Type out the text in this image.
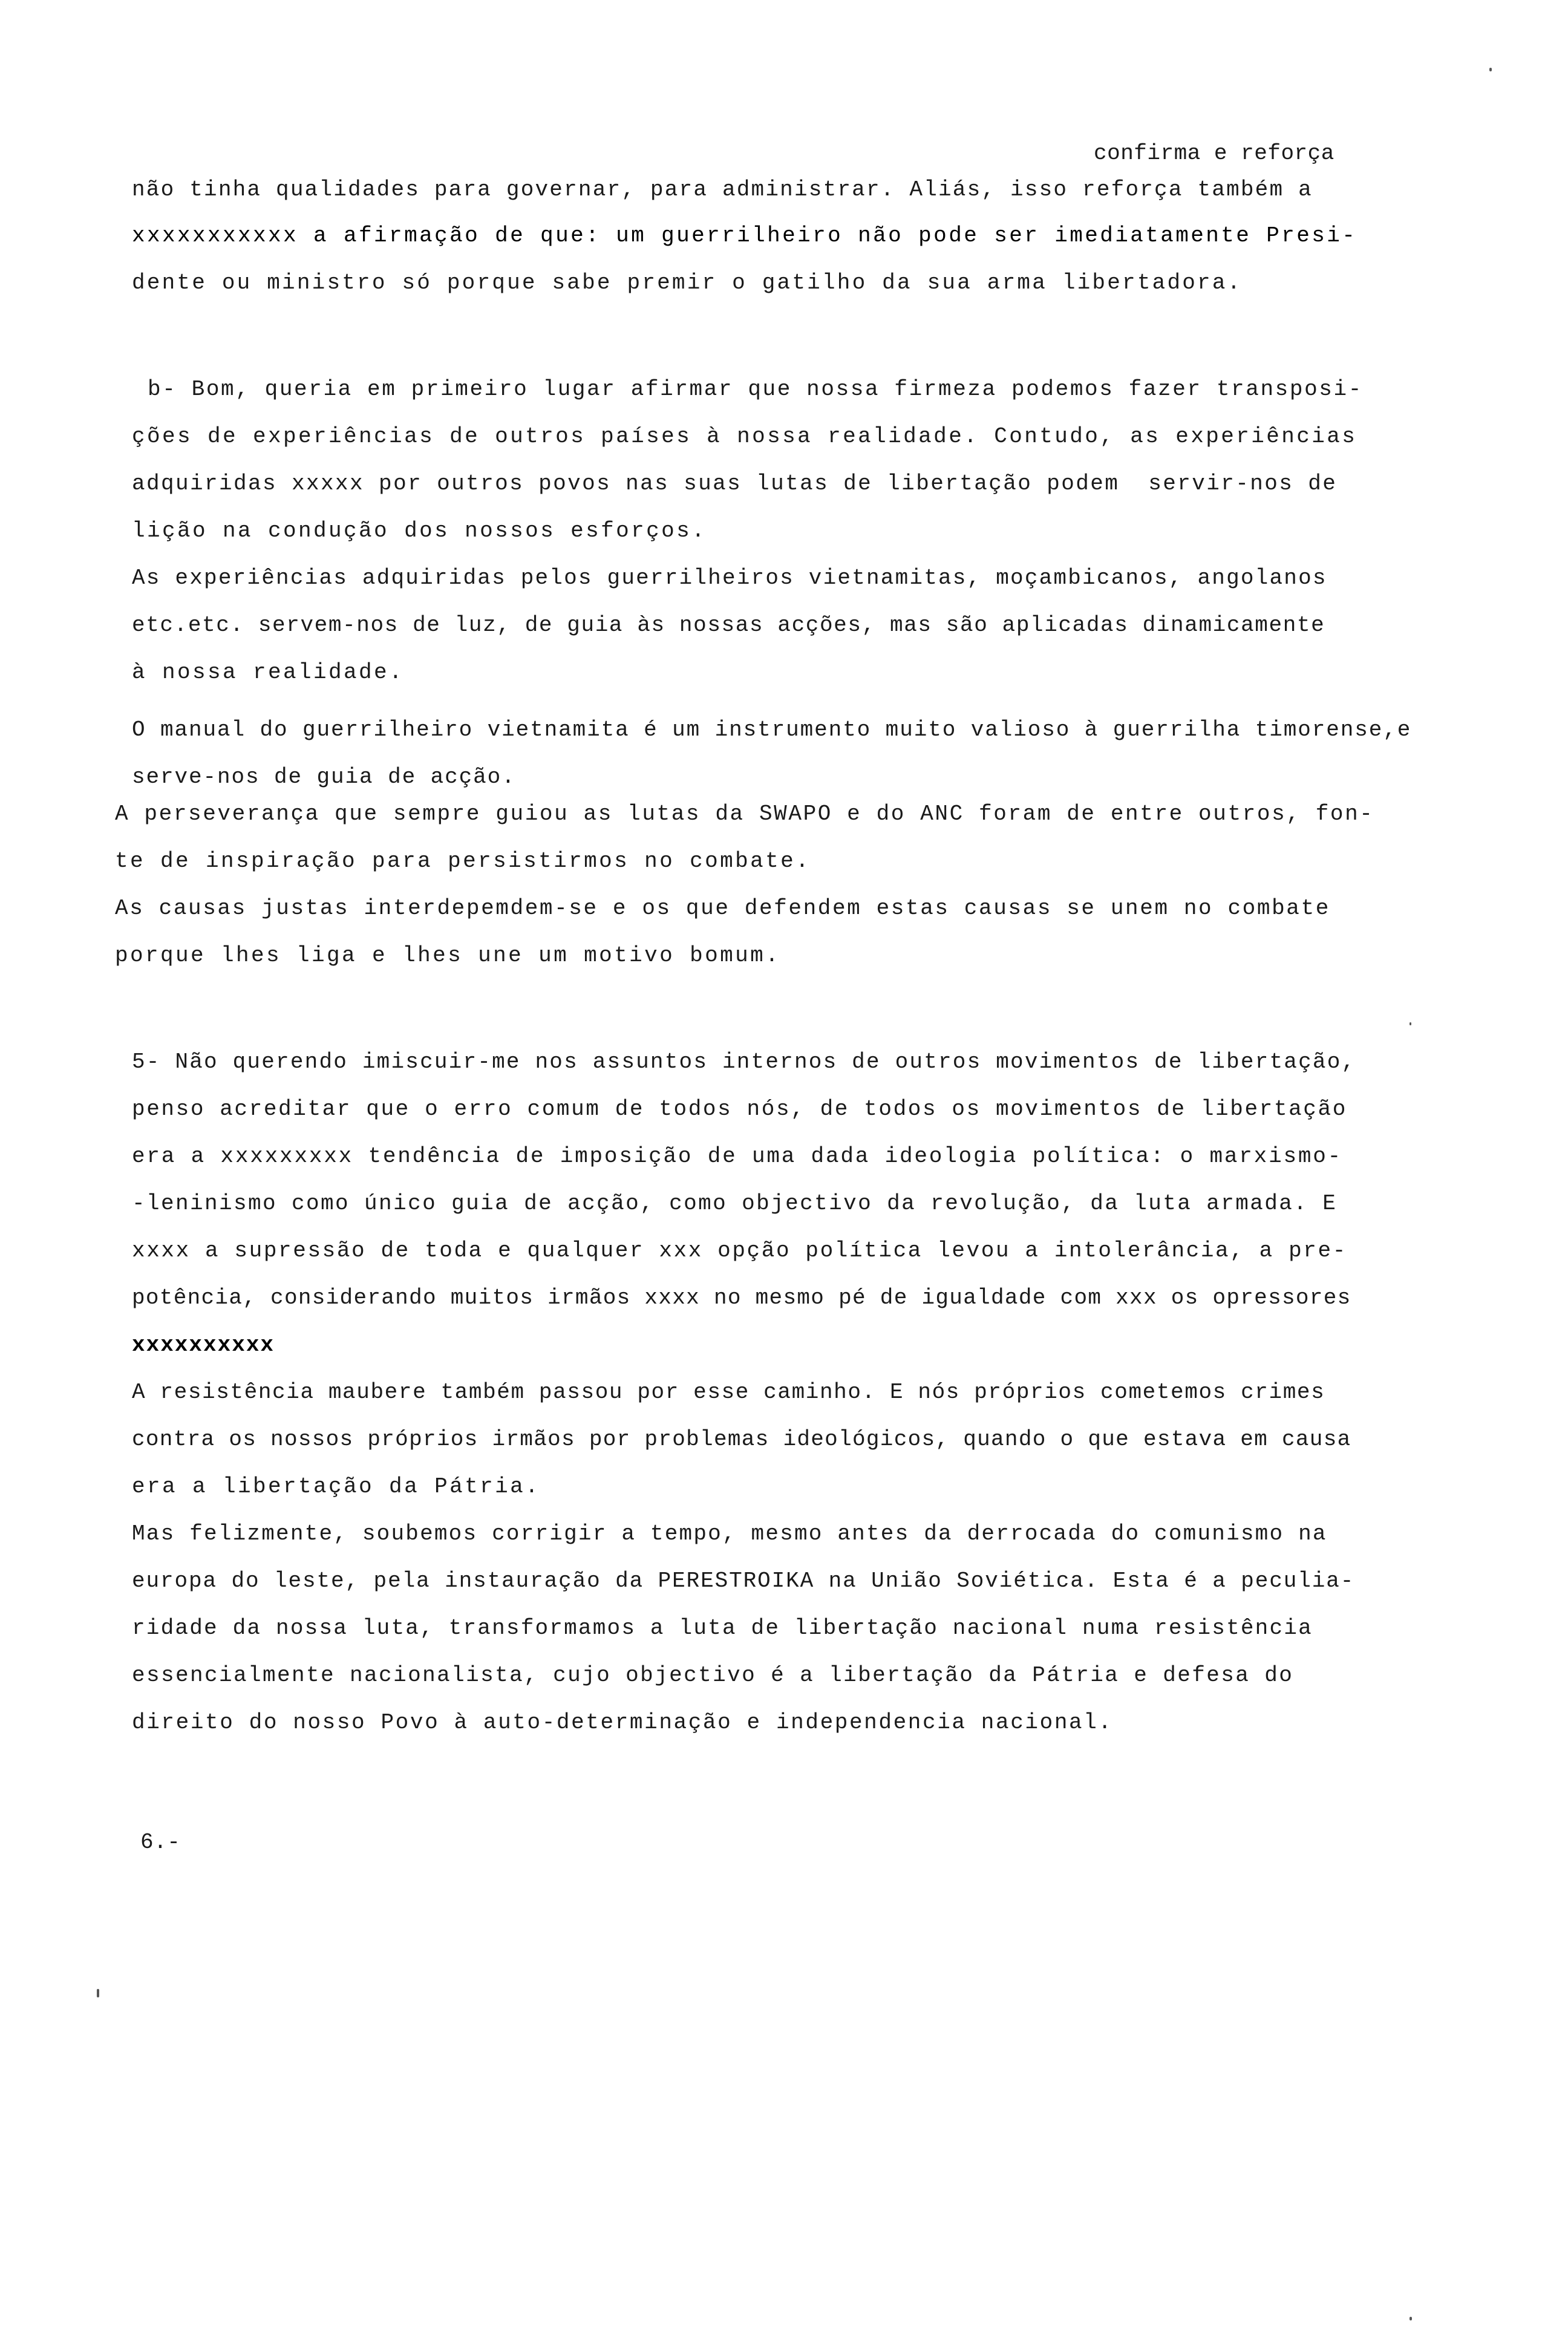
confirma e reforça
não tinha qualidades para governar, para administrar. Aliás, isso reforça também a
xxxxxxxxxxx a afirmação de que: um guerrilheiro não pode ser imediatamente Presi-
dente ou ministro só porque sabe premir o gatilho da sua arma libertadora.
b- Bom, queria em primeiro lugar afirmar que nossa firmeza podemos fazer transposi-
ções de experiências de outros países à nossa realidade. Contudo, as experiências
adquiridas xxxxx por outros povos nas suas lutas de libertação podem  servir-nos de
lição na condução dos nossos esforços.
As experiências adquiridas pelos guerrilheiros vietnamitas, moçambicanos, angolanos
etc.etc. servem-nos de luz, de guia às nossas acções, mas são aplicadas dinamicamente
à nossa realidade.
O manual do guerrilheiro vietnamita é um instrumento muito valioso à guerrilha timorense,e serve-nos de guia de acção.
A perseverança que sempre guiou as lutas da SWAPO e do ANC foram de entre outros, fon-
te de inspiração para persistirmos no combate.
As causas justas interdepemdem-se e os que defendem estas causas se unem no combate
porque lhes liga e lhes une um motivo bomum.
5- Não querendo imiscuir-me nos assuntos internos de outros movimentos de libertação,
penso acreditar que o erro comum de todos nós, de todos os movimentos de libertação
era a xxxxxxxxx tendência de imposição de uma dada ideologia política: o marxismo-
-leninismo como único guia de acção, como objectivo da revolução, da luta armada. E
xxxx a supressão de toda e qualquer xxx opção política levou a intolerância, a pre-
potência, considerando muitos irmãos xxxx no mesmo pé de igualdade com xxx os opressores
xxxxxxxxxx
A resistência maubere também passou por esse caminho. E nós próprios cometemos crimes
contra os nossos próprios irmãos por problemas ideológicos, quando o que estava em causa
era a libertação da Pátria.
Mas felizmente, soubemos corrigir a tempo, mesmo antes da derrocada do comunismo na
europa do leste, pela instauração da PERESTROIKA na União Soviética. Esta é a peculia-
ridade da nossa luta, transformamos a luta de libertação nacional numa resistência
essencialmente nacionalista, cujo objectivo é a libertação da Pátria e defesa do
direito do nosso Povo à auto-determinação e independencia nacional.
6.-
